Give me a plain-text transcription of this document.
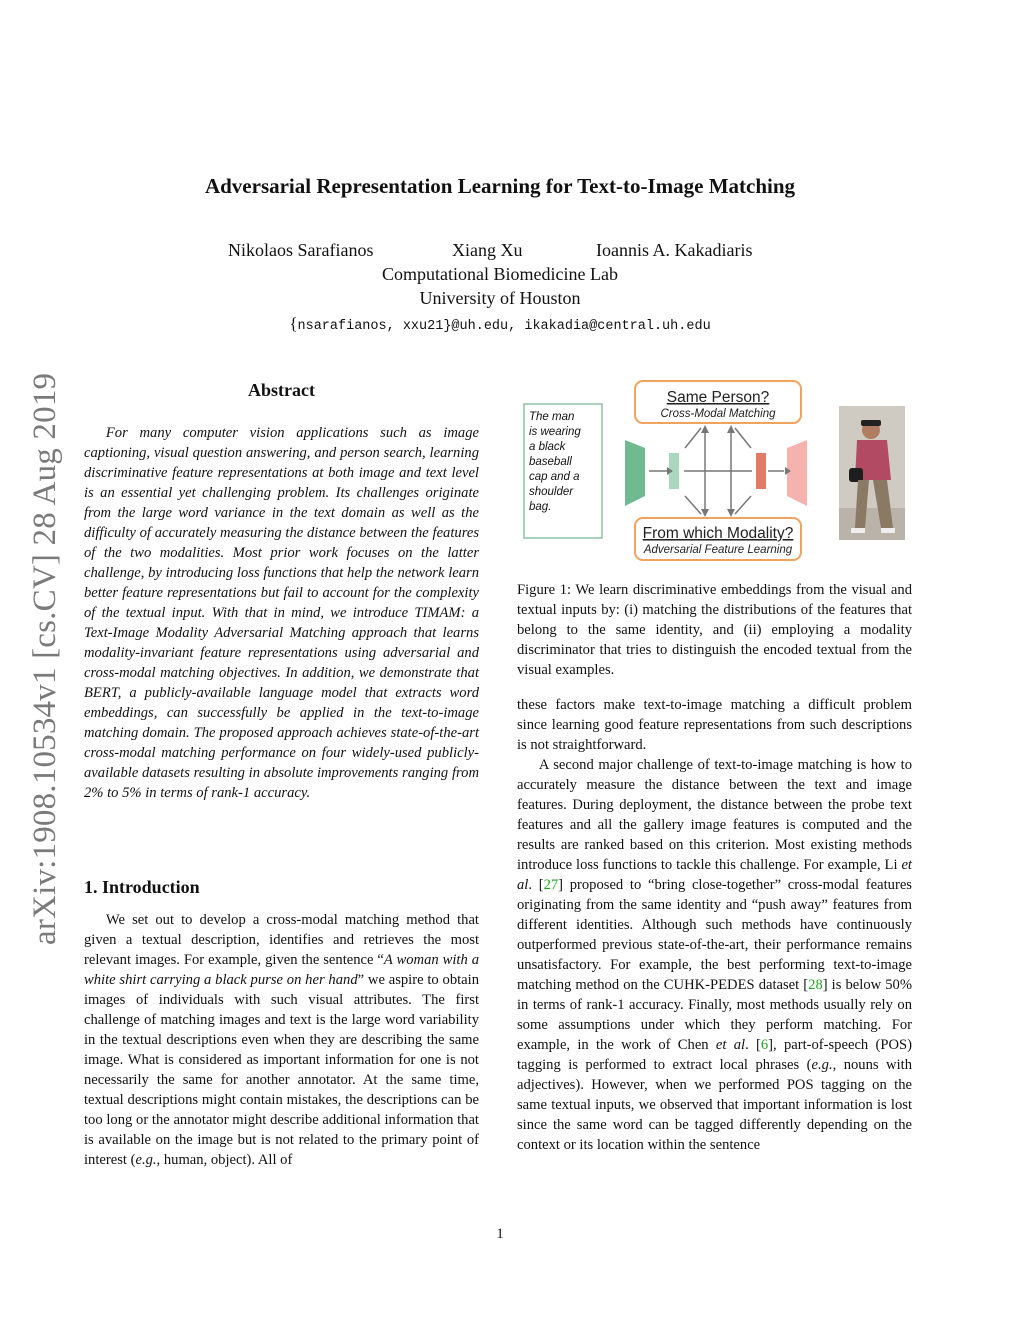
arXiv:1908.10534v1 [cs.CV] 28 Aug 2019
Adversarial Representation Learning for Text-to-Image Matching
Nikolaos Sarafianos	Xiang Xu	Ioannis A. Kakadiaris
Computational Biomedicine Lab
University of Houston
{nsarafianos, xxu21}@uh.edu, ikakadia@central.uh.edu
Abstract
For many computer vision applications such as image captioning, visual question answering, and person search, learning discriminative feature representations at both image and text level is an essential yet challenging problem. Its challenges originate from the large word variance in the text domain as well as the difficulty of accurately measuring the distance between the features of the two modalities. Most prior work focuses on the latter challenge, by introducing loss functions that help the network learn better feature representations but fail to account for the complexity of the textual input. With that in mind, we introduce TIMAM: a Text-Image Modality Adversarial Matching approach that learns modality-invariant feature representations using adversarial and cross-modal matching objectives. In addition, we demonstrate that BERT, a publicly-available language model that extracts word embeddings, can successfully be applied in the text-to-image matching domain. The proposed approach achieves state-of-the-art cross-modal matching performance on four widely-used publicly-available datasets resulting in absolute improvements ranging from 2% to 5% in terms of rank-1 accuracy.
1. Introduction
We set out to develop a cross-modal matching method that given a textual description, identifies and retrieves the most relevant images. For example, given the sentence “A woman with a white shirt carrying a black purse on her hand” we aspire to obtain images of individuals with such visual attributes. The first challenge of matching images and text is the large word variability in the textual descriptions even when they are describing the same image. What is considered as important information for one is not necessarily the same for another annotator. At the same time, textual descriptions might contain mistakes, the descriptions can be too long or the annotator might describe additional information that is available on the image but is not related to the primary point of interest (e.g., human, object). All of
The man
is wearing
a black
baseball
cap and a
shoulder
bag.
Same Person?
Cross-Modal Matching
From which Modality?
Adversarial Feature Learning
Figure 1: We learn discriminative embeddings from the visual and textual inputs by: (i) matching the distributions of the features that belong to the same identity, and (ii) employing a modality discriminator that tries to distinguish the encoded textual from the visual examples.
these factors make text-to-image matching a difficult problem since learning good feature representations from such descriptions is not straightforward.
A second major challenge of text-to-image matching is how to accurately measure the distance between the text and image features. During deployment, the distance between the probe text features and all the gallery image features is computed and the results are ranked based on this criterion. Most existing methods introduce loss functions to tackle this challenge. For example, Li et al. [27] proposed to “bring close-together” cross-modal features originating from the same identity and “push away” features from different identities. Although such methods have continuously outperformed previous state-of-the-art, their performance remains unsatisfactory. For example, the best performing text-to-image matching method on the CUHK-PEDES dataset [28] is below 50% in terms of rank-1 accuracy. Finally, most methods usually rely on some assumptions under which they perform matching. For example, in the work of Chen et al. [6], part-of-speech (POS) tagging is performed to extract local phrases (e.g., nouns with adjectives). However, when we performed POS tagging on the same textual inputs, we observed that important information is lost since the same word can be tagged differently depending on the context or its location within the sentence
1
